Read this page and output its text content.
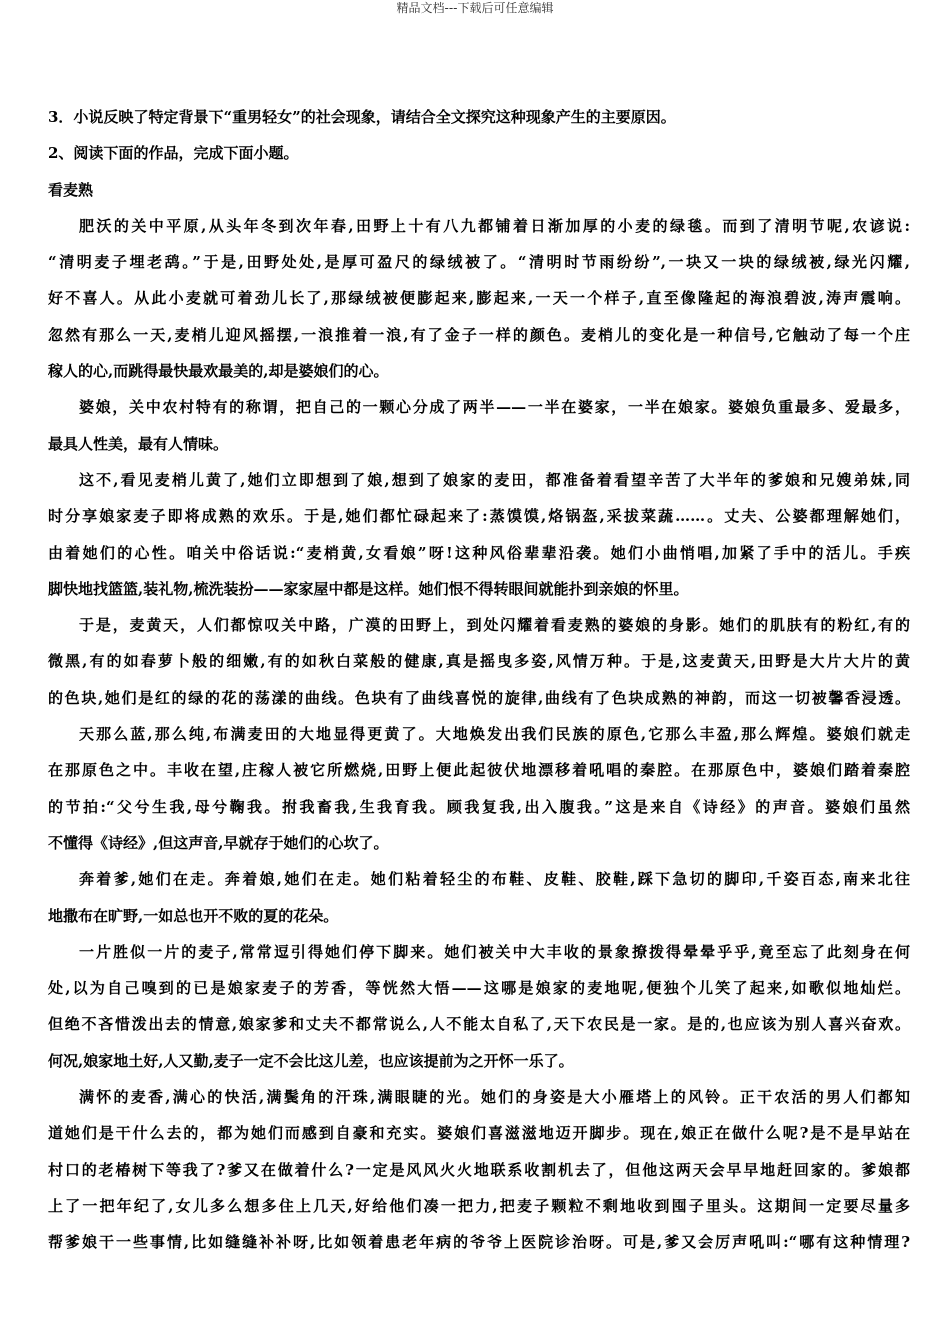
精品文档---下载后可任意编辑
3．小说反映了特定背景下“重男轻女”的社会现象，请结合全文探究这种现象产生的主要原因。
2、阅读下面的作品，完成下面小题。
看麦熟
肥沃的关中平原,从头年冬到次年春,田野上十有八九都铺着日渐加厚的小麦的绿毯。而到了清明节呢,农谚说:
“清明麦子埋老鸹。”于是,田野处处,是厚可盈尺的绿绒被了。“清明时节雨纷纷”,一块又一块的绿绒被,绿光闪耀,
好不喜人。从此小麦就可着劲儿长了,那绿绒被便膨起来,膨起来,一天一个样子,直至像隆起的海浪碧波,涛声震响。
忽然有那么一天,麦梢儿迎风摇摆,一浪推着一浪,有了金子一样的颜色。麦梢儿的变化是一种信号,它触动了每一个庄
稼人的心,而跳得最快最欢最美的,却是婆娘们的心。
婆娘，关中农村特有的称谓，把自己的一颗心分成了两半——一半在婆家，一半在娘家。婆娘负重最多、爱最多，
最具人性美，最有人情味。
这不,看见麦梢儿黄了,她们立即想到了娘,想到了娘家的麦田，都准备着看望辛苦了大半年的爹娘和兄嫂弟妹,同
时分享娘家麦子即将成熟的欢乐。于是,她们都忙碌起来了:蒸馍馍,烙锅盔,采拔菜蔬……。丈夫、公婆都理解她们，
由着她们的心性。咱关中俗话说:“麦梢黄,女看娘”呀!这种风俗辈辈沿袭。她们小曲悄唱,加紧了手中的活儿。手疾
脚快地找篮篮,装礼物,梳洗装扮——家家屋中都是这样。她们恨不得转眼间就能扑到亲娘的怀里。
于是，麦黄天，人们都惊叹关中路，广漠的田野上，到处闪耀着看麦熟的婆娘的身影。她们的肌肤有的粉红,有的
微黑,有的如春萝卜般的细嫩,有的如秋白菜般的健康,真是摇曳多姿,风情万种。于是,这麦黄天,田野是大片大片的黄
的色块,她们是红的绿的花的荡漾的曲线。色块有了曲线喜悦的旋律,曲线有了色块成熟的神韵，而这一切被馨香浸透。
天那么蓝,那么纯,布满麦田的大地显得更黄了。大地焕发出我们民族的原色,它那么丰盈,那么辉煌。婆娘们就走
在那原色之中。丰收在望,庄稼人被它所燃烧,田野上便此起彼伏地漂移着吼唱的秦腔。在那原色中，婆娘们踏着秦腔
的节拍:“父兮生我,母兮鞠我。拊我畜我,生我育我。顾我复我,出入腹我。”这是来自《诗经》的声音。婆娘们虽然
不懂得《诗经》,但这声音,早就存于她们的心坎了。
奔着爹,她们在走。奔着娘,她们在走。她们粘着轻尘的布鞋、皮鞋、胶鞋,踩下急切的脚印,千姿百态,南来北往
地撒布在旷野,一如总也开不败的夏的花朵。
一片胜似一片的麦子,常常逗引得她们停下脚来。她们被关中大丰收的景象撩拨得晕晕乎乎,竟至忘了此刻身在何
处,以为自己嗅到的已是娘家麦子的芳香，等恍然大悟——这哪是娘家的麦地呢,便独个儿笑了起来,如歌似地灿烂。
但绝不吝惜泼出去的情意,娘家爹和丈夫不都常说么,人不能太自私了,天下农民是一家。是的,也应该为别人喜兴奋欢。
何况,娘家地土好,人又勤,麦子一定不会比这儿差，也应该提前为之开怀一乐了。
满怀的麦香,满心的快活,满鬓角的汗珠,满眼睫的光。她们的身姿是大小雁塔上的风铃。正干农活的男人们都知
道她们是干什么去的，都为她们而感到自豪和充实。婆娘们喜滋滋地迈开脚步。现在,娘正在做什么呢?是不是早站在
村口的老椿树下等我了?爹又在做着什么?一定是风风火火地联系收割机去了，但他这两天会早早地赶回家的。爹娘都
上了一把年纪了,女儿多么想多住上几天,好给他们凑一把力,把麦子颗粒不剩地收到囤子里头。这期间一定要尽量多
帮爹娘干一些事情,比如缝缝补补呀,比如领着患老年病的爷爷上医院诊治呀。可是,爹又会厉声吼叫:“哪有这种情理?
